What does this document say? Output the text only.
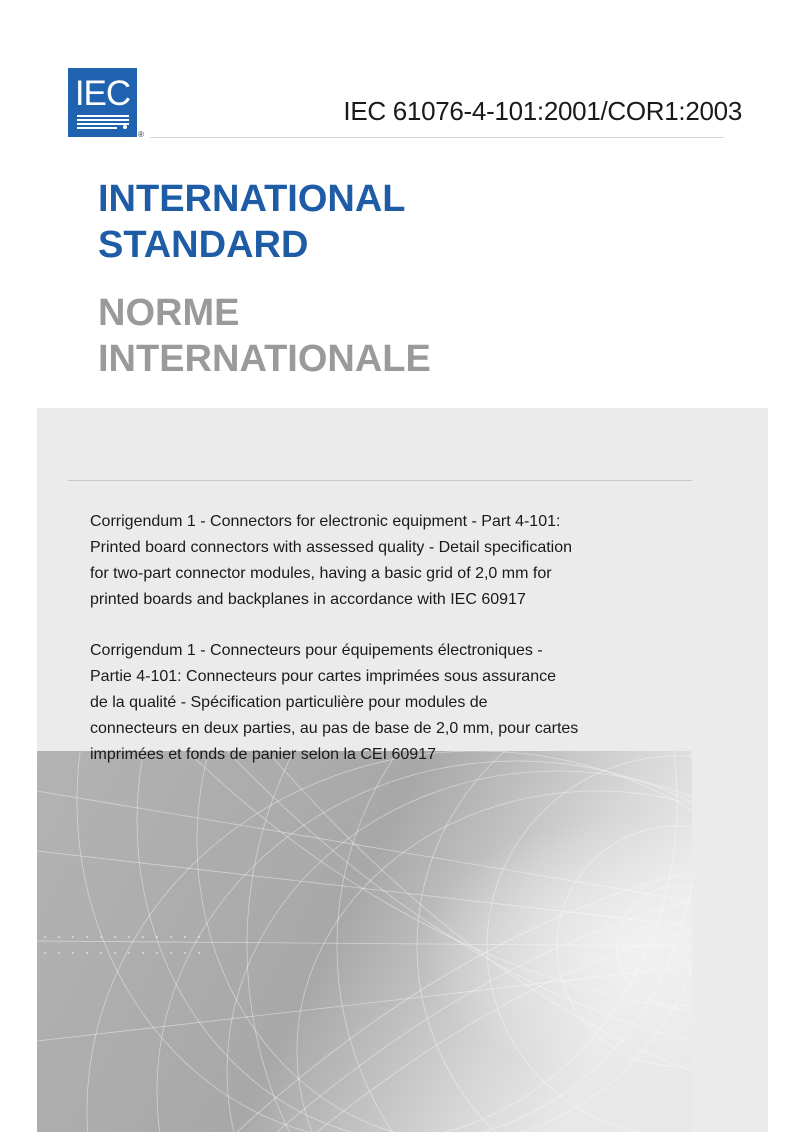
IEC
®
IEC 61076-4-101:2001/COR1:2003
INTERNATIONAL
STANDARD
NORME
INTERNATIONALE
Corrigendum 1 - Connectors for electronic equipment - Part 4-101:
Printed board connectors with assessed quality - Detail specification
for two-part connector modules, having a basic grid of 2,0 mm for
printed boards and backplanes in accordance with IEC 60917
Corrigendum 1 - Connecteurs pour équipements électroniques -
Partie 4-101: Connecteurs pour cartes imprimées sous assurance
de la qualité - Spécification particulière pour modules de
connecteurs en deux parties, au pas de base de 2,0 mm, pour cartes
imprimées et fonds de panier selon la CEI 60917
